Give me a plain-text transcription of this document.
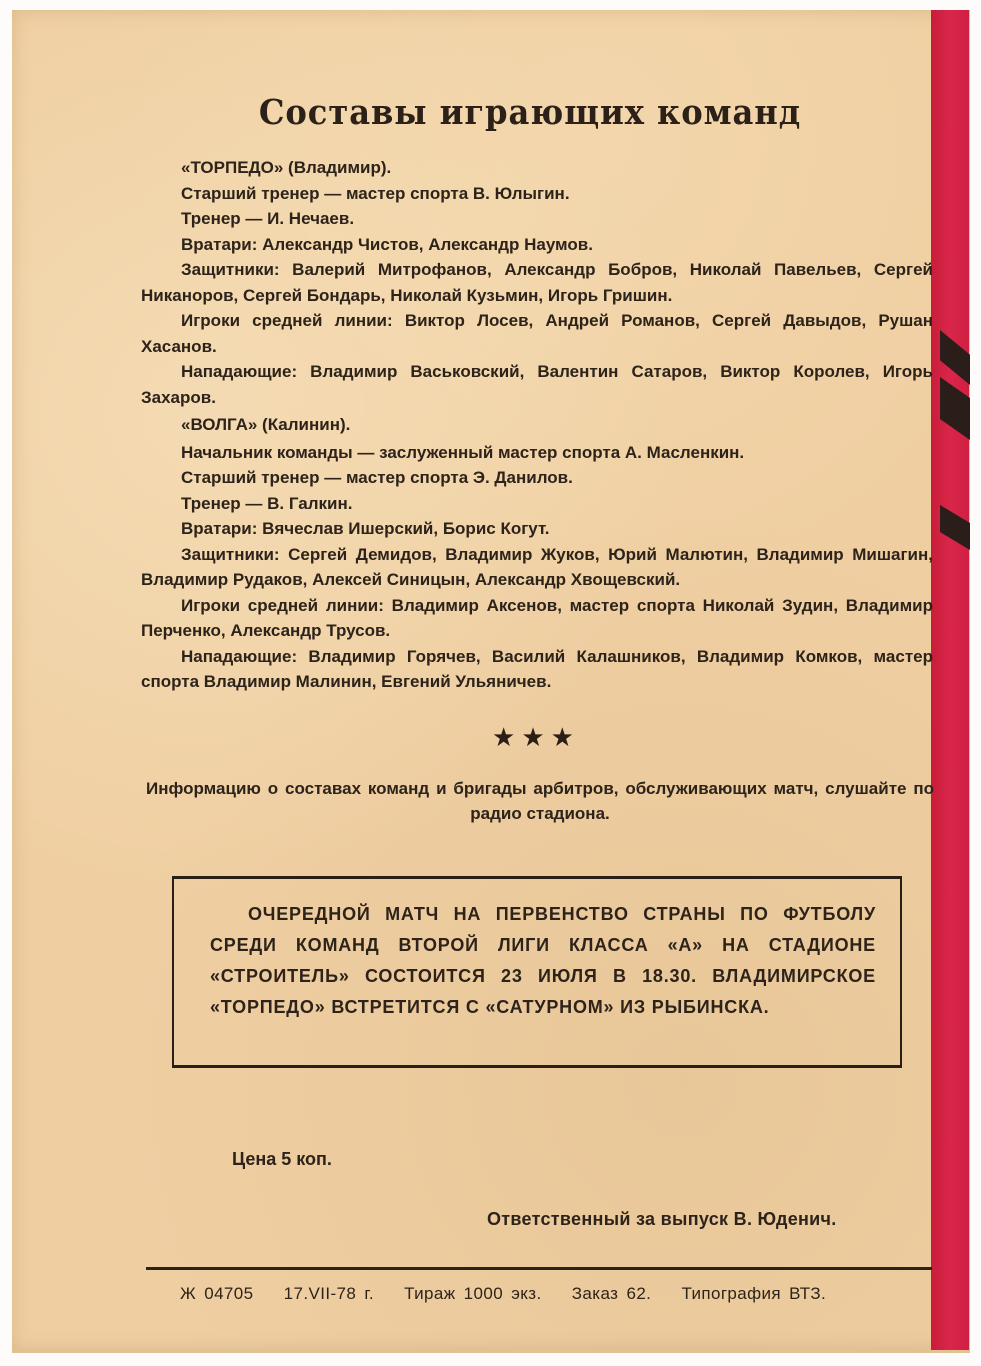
Составы играющих команд

«ТОРПЕДО» (Владимир).

Старший тренер — мастер спорта В. Юлыгин.

Тренер — И. Нечаев.

Вратари: Александр Чистов, Александр Наумов.

Защитники: Валерий Митрофанов, Александр Бобров, Николай Павельев, Сергей Никаноров, Сергей Бондарь, Николай Кузьмин, Игорь Гришин.

Игроки средней линии: Виктор Лосев, Андрей Романов, Сергей Давыдов, Рушан Хасанов.

Нападающие: Владимир Васьковский, Валентин Сатаров, Виктор Королев, Игорь Захаров.

«ВОЛГА» (Калинин).

Начальник команды — заслуженный мастер спорта А. Масленкин.

Старший тренер — мастер спорта Э. Данилов.

Тренер — В. Галкин.

Вратари: Вячеслав Ишерский, Борис Когут.

Защитники: Сергей Демидов, Владимир Жуков, Юрий Малютин, Владимир Мишагин, Владимир Рудаков, Алексей Синицын, Александр Хвощевский.

Игроки средней линии: Владимир Аксенов, мастер спорта Николай Зудин, Владимир Перченко, Александр Трусов.

Нападающие: Владимир Горячев, Василий Калашников, Владимир Комков, мастер спорта Владимир Малинин, Евгений Ульяничев.

★★★
Информацию о составах команд и бригады арбитров, обслуживающих матч, слушайте по радио стадиона.
ОЧЕРЕДНОЙ МАТЧ НА ПЕРВЕНСТВО СТРАНЫ ПО ФУТБОЛУ СРЕДИ КОМАНД ВТОРОЙ ЛИГИ КЛАССА «А» НА СТАДИОНЕ «СТРОИТЕЛЬ» СОСТОИТСЯ 23 ИЮЛЯ В 18.30. ВЛАДИМИРСКОЕ «ТОРПЕДО» ВСТРЕТИТСЯ С «САТУРНОМ» ИЗ РЫБИНСКА.
Цена 5 коп.
Ответственный за выпуск В. Юденич.
Ж 04705 17.VII-78 г. Тираж 1000 экз. Заказ 62. Типография ВТЗ.
